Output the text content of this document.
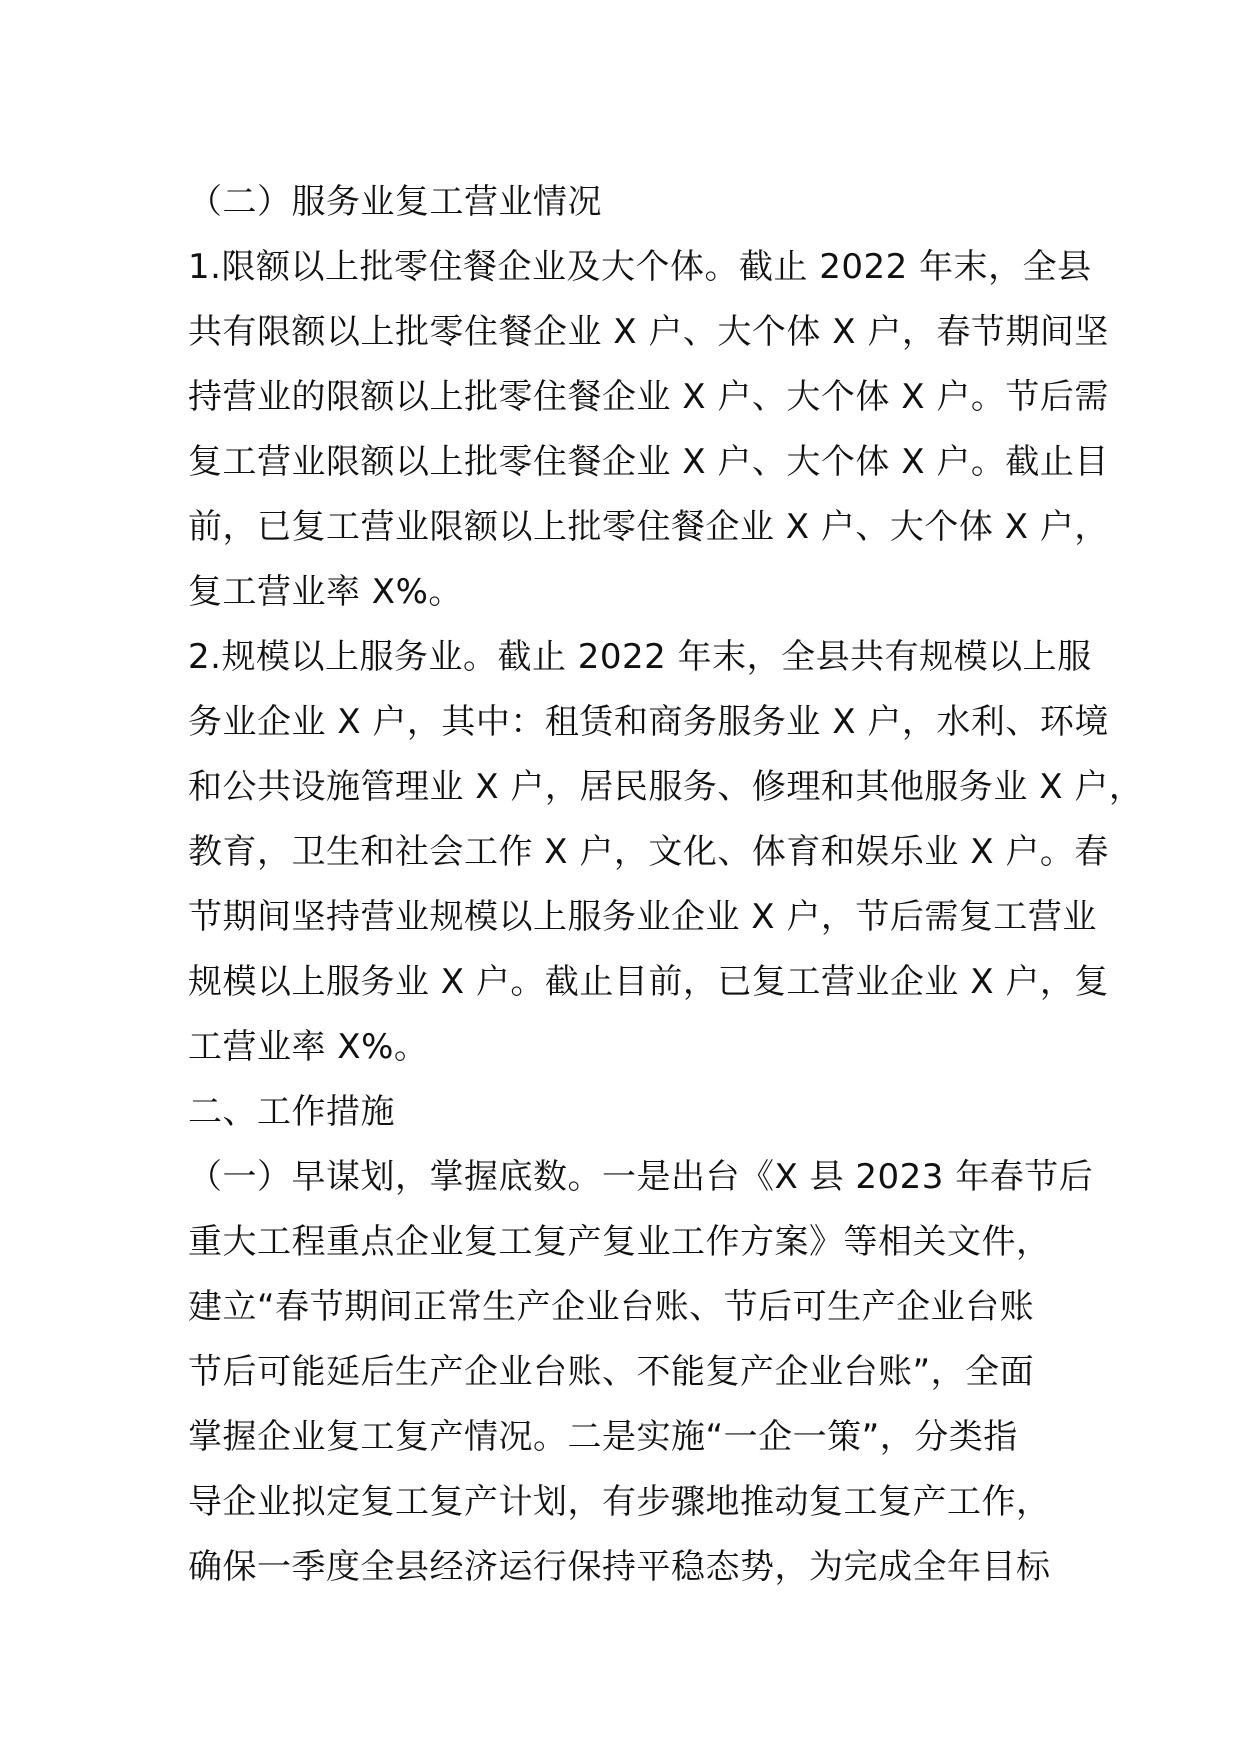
（二）服务业复工营业情况
1.限额以上批零住餐企业及大个体。截止 2022 年末，全县
共有限额以上批零住餐企业 X 户、大个体 X 户，春节期间坚
持营业的限额以上批零住餐企业 X 户、大个体 X 户。节后需
复工营业限额以上批零住餐企业 X 户、大个体 X 户。截止目
前，已复工营业限额以上批零住餐企业 X 户、大个体 X 户，
复工营业率 X%。
2.规模以上服务业。截止 2022 年末，全县共有规模以上服
务业企业 X 户，其中：租赁和商务服务业 X 户，水利、环境
和公共设施管理业 X 户，居民服务、修理和其他服务业 X 户，
教育，卫生和社会工作 X 户，文化、体育和娱乐业 X 户。春
节期间坚持营业规模以上服务业企业 X 户，节后需复工营业
规模以上服务业 X 户。截止目前，已复工营业企业 X 户，复
工营业率 X%。
二、工作措施
（一）早谋划，掌握底数。一是出台《X 县 2023 年春节后
重大工程重点企业复工复产复业工作方案》等相关文件，
建立“春节期间正常生产企业台账、节后可生产企业台账
节后可能延后生产企业台账、不能复产企业台账”，全面
掌握企业复工复产情况。二是实施“一企一策”，分类指
导企业拟定复工复产计划，有步骤地推动复工复产工作，
确保一季度全县经济运行保持平稳态势，为完成全年目标
